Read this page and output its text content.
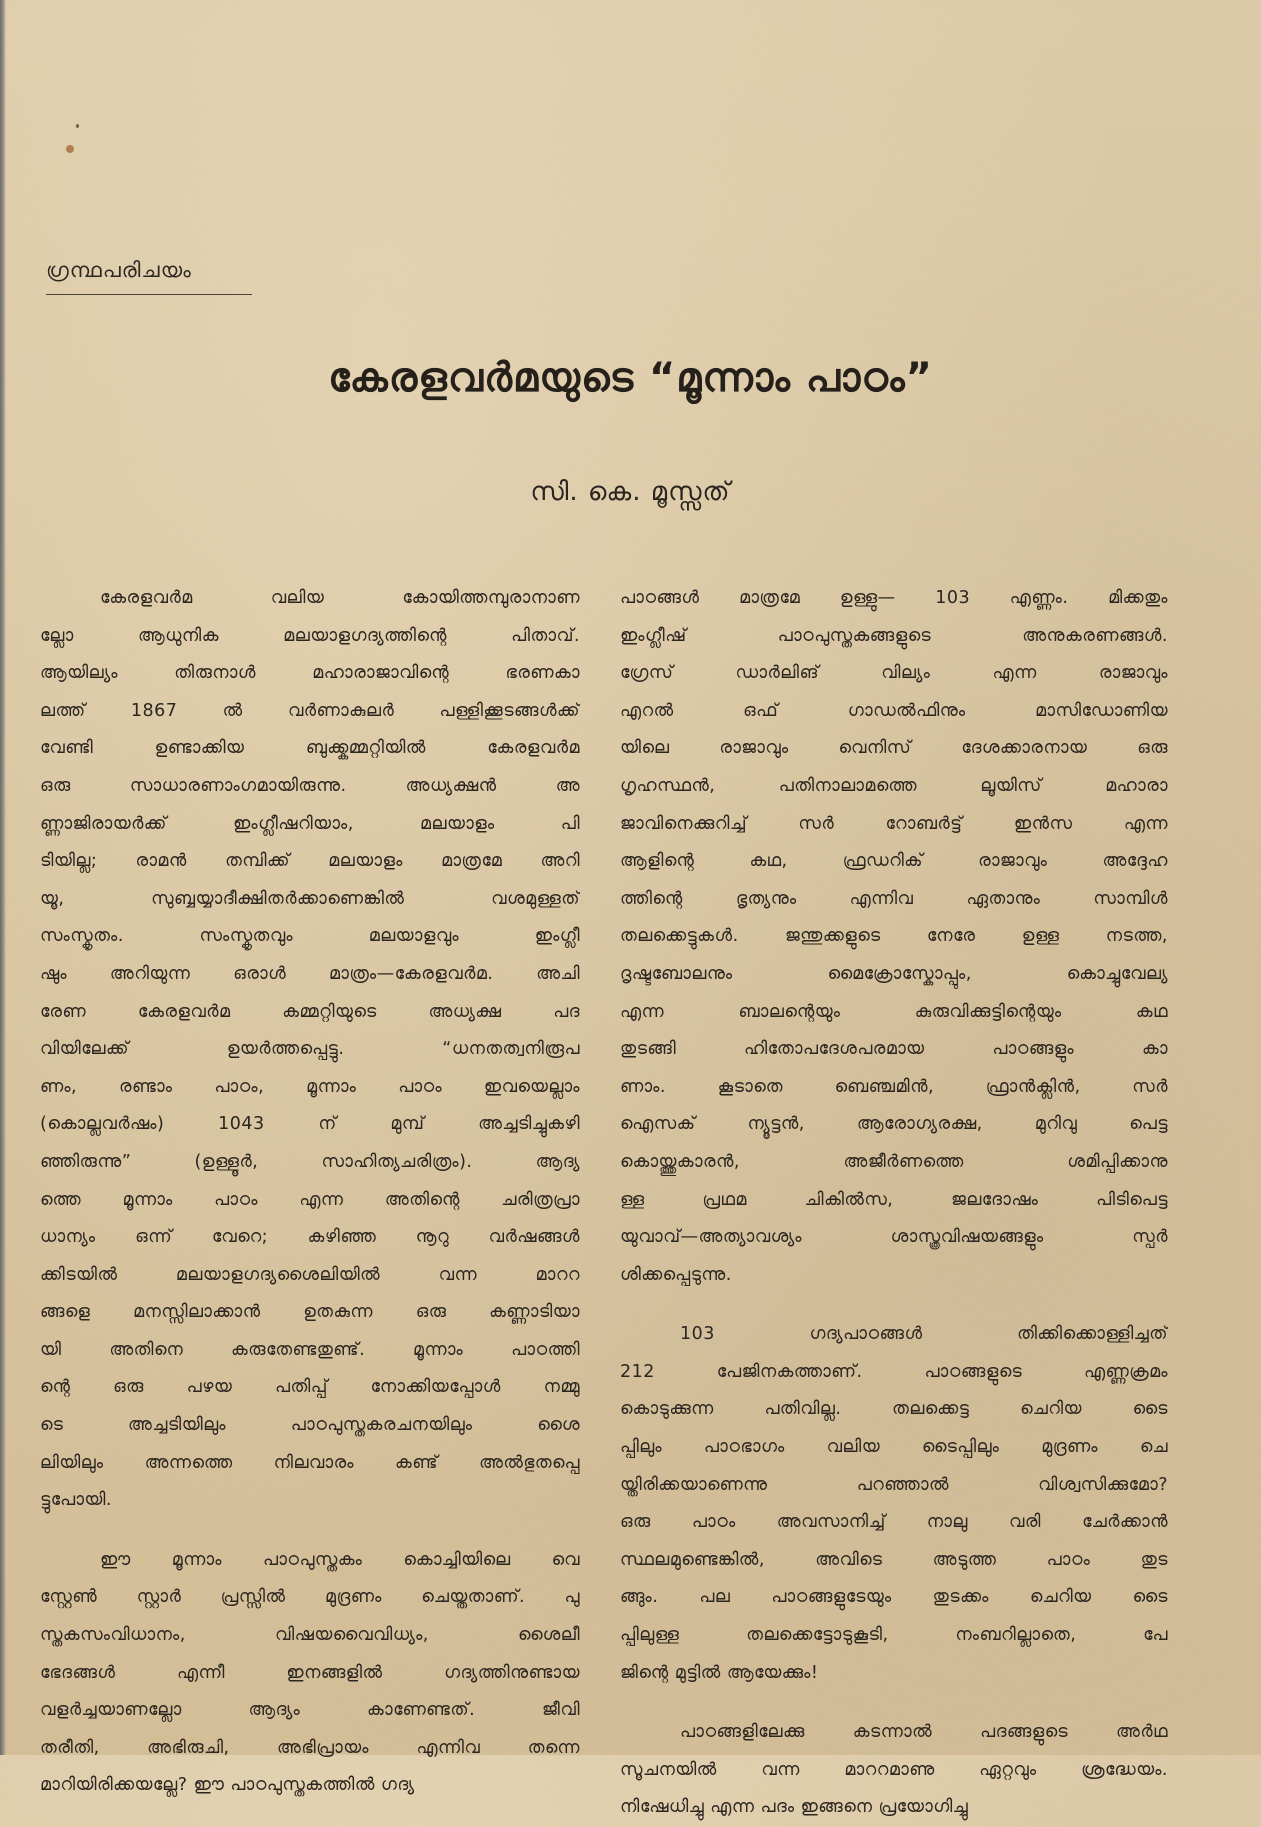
ഗ്രന്ഥപരിചയം
കേരളവർമയുടെ “മൂന്നാം പാഠം”
സി. കെ. മൂസ്സത്
കേരളവർമ വലിയ കോയിത്തമ്പുരാനാണ
ല്ലോ ആധുനിക മലയാളഗദ്യത്തിന്റെ പിതാവ്.
ആയില്യം തിരുനാൾ മഹാരാജാവിന്റെ ഭരണകാ
ലത്ത് 1867 ൽ വർണാകുലർ പള്ളിക്കൂടങ്ങൾക്ക്
വേണ്ടി ഉണ്ടാക്കിയ ബുക്ക്കമ്മറ്റിയിൽ കേരളവർമ
ഒരു സാധാരണാംഗമായിരുന്നു. അധ്യക്ഷൻ അ
ണ്ണാജിരായർക്ക് ഇംഗ്ലീഷറിയാം, മലയാളം പി
ടിയില്ല; രാമൻ തമ്പിക്ക് മലയാളം മാത്രമേ അറി
യൂ, സുബ്ബയ്യാദീക്ഷിതർക്കാണെങ്കിൽ വശമുള്ളത്
സംസ്കൃതം. സംസ്കൃതവും മലയാളവും ഇംഗ്ലീ
ഷും അറിയുന്ന ഒരാൾ മാത്രം—കേരളവർമ. അചി
രേണ കേരളവർമ കമ്മറ്റിയുടെ അധ്യക്ഷ പദ
വിയിലേക്ക് ഉയർത്തപ്പെട്ടു. “ധനതത്വനിരൂപ
ണം, രണ്ടാം പാഠം, മൂന്നാം പാഠം ഇവയെല്ലാം
(കൊല്ലവർഷം) 1043 ന് മുമ്പ് അച്ചടിച്ചുകഴി
ഞ്ഞിരുന്നു” (ഉള്ളൂർ, സാഹിത്യചരിത്രം). ആദ്യ
ത്തെ മൂന്നാം പാഠം എന്ന അതിന്റെ ചരിത്രപ്രാ
ധാന്യം ഒന്ന് വേറെ; കഴിഞ്ഞ നൂറു വർഷങ്ങൾ
ക്കിടയിൽ മലയാളഗദ്യശൈലിയിൽ വന്ന മാററ
ങ്ങളെ മനസ്സിലാക്കാൻ ഉതകുന്ന ഒരു കണ്ണാടിയാ
യി അതിനെ കരുതേണ്ടതുണ്ട്. മൂന്നാം പാഠത്തി
ന്റെ ഒരു പഴയ പതിപ്പ് നോക്കിയപ്പോൾ നമ്മു
ടെ അച്ചടിയിലും പാഠപുസ്തകരചനയിലും ശൈ
ലിയിലും അന്നത്തെ നിലവാരം കണ്ട് അൽഭുതപ്പെ
ട്ടുപോയി.
ഈ മൂന്നാം പാഠപുസ്തകം കൊച്ചിയിലെ വെ
സ്റ്റേൺ സ്റ്റാർ പ്രസ്സിൽ മുദ്രണം ചെയ്തതാണ്. പു
സ്തകസംവിധാനം, വിഷയവൈവിധ്യം, ശൈലീ
ഭേദങ്ങൾ എന്നീ ഇനങ്ങളിൽ ഗദ്യത്തിനുണ്ടായ
വളർച്ചയാണല്ലോ ആദ്യം കാണേണ്ടത്. ജീവി
തരീതി, അഭിരുചി, അഭിപ്രായം എന്നിവ തന്നെ
മാറിയിരിക്കയല്ലേ? ഈ പാഠപുസ്തകത്തിൽ ഗദ്യ
പാഠങ്ങൾ മാത്രമേ ഉള്ളു— 103 എണ്ണം. മിക്കതും
ഇംഗ്ലീഷ് പാഠപുസ്തകങ്ങളുടെ അനുകരണങ്ങൾ.
ഗ്രേസ് ഡാർലിങ് വില്യം എന്ന രാജാവും
എറൽ ഒഫ് ഗാഡൽഫിനും മാസിഡോണിയ
യിലെ രാജാവും വെനിസ് ദേശക്കാരനായ ഒരു
ഗൃഹസ്ഥൻ, പതിനാലാമത്തെ ലൂയിസ് മഹാരാ
ജാവിനെക്കുറിച്ച് സർ റോബർട്ട് ഇൻസ എന്ന
ആളിന്റെ കഥ, ഫ്രഡറിക് രാജാവും അദ്ദേഹ
ത്തിന്റെ ഭൃത്യനും എന്നിവ ഏതാനും സാമ്പിൾ
തലക്കെട്ടുകൾ. ജന്തുക്കളുടെ നേരേ ഉള്ള നടത്ത,
ദൃഷ്ടബോലനും മൈക്രോസ്കോപ്പും, കൊച്ചുവേല്യ
എന്ന ബാലന്റെയും കുരുവിക്കുട്ടിന്റെയും കഥ
തുടങ്ങി ഹിതോപദേശപരമായ പാഠങ്ങളും കാ
ണാം. കൂടാതെ ബെഞ്ചമിൻ, ഫ്രാൻക്ലിൻ, സർ
ഐസക് ന്യൂട്ടൻ, ആരോഗ്യരക്ഷ, മുറിവു പെട്ട
കൊയ്ത്തുകാരൻ, അജീർണത്തെ ശമിപ്പിക്കാനു
ള്ള പ്രഥമ ചികിൽസ, ജലദോഷം പിടിപെട്ട
യുവാവ്—അത്യാവശ്യം ശാസ്ത്രവിഷയങ്ങളും സ്പർ
ശിക്കപ്പെടുന്നു.
103 ഗദ്യപാഠങ്ങൾ തിക്കിക്കൊള്ളിച്ചത്
212 പേജിനകത്താണ്. പാഠങ്ങളുടെ എണ്ണക്രമം
കൊടുക്കുന്ന പതിവില്ല. തലക്കെട്ട ചെറിയ ടൈ
പ്പിലും പാഠഭാഗം വലിയ ടൈപ്പിലും മുദ്രണം ചെ
യ്തിരിക്കയാണെന്നു പറഞ്ഞാൽ വിശ്വസിക്കുമോ?
ഒരു പാഠം അവസാനിച്ച് നാലു വരി ചേർക്കാൻ
സ്ഥലമുണ്ടെങ്കിൽ, അവിടെ അടുത്ത പാഠം തുട
ങ്ങും. പല പാഠങ്ങളുടേയും തുടക്കം ചെറിയ ടൈ
പ്പിലുള്ള തലക്കെട്ടോടുകൂടി, നംബറില്ലാതെ, പേ
ജിന്റെ മുട്ടിൽ ആയേക്കും!
പാഠങ്ങളിലേക്കു കടന്നാൽ പദങ്ങളുടെ അർഥ
സൂചനയിൽ വന്ന മാററമാണു ഏറ്റവും ശ്രദ്ധേയം.
നിഷേധിച്ചു എന്ന പദം ഇങ്ങനെ പ്രയോഗിച്ചു
